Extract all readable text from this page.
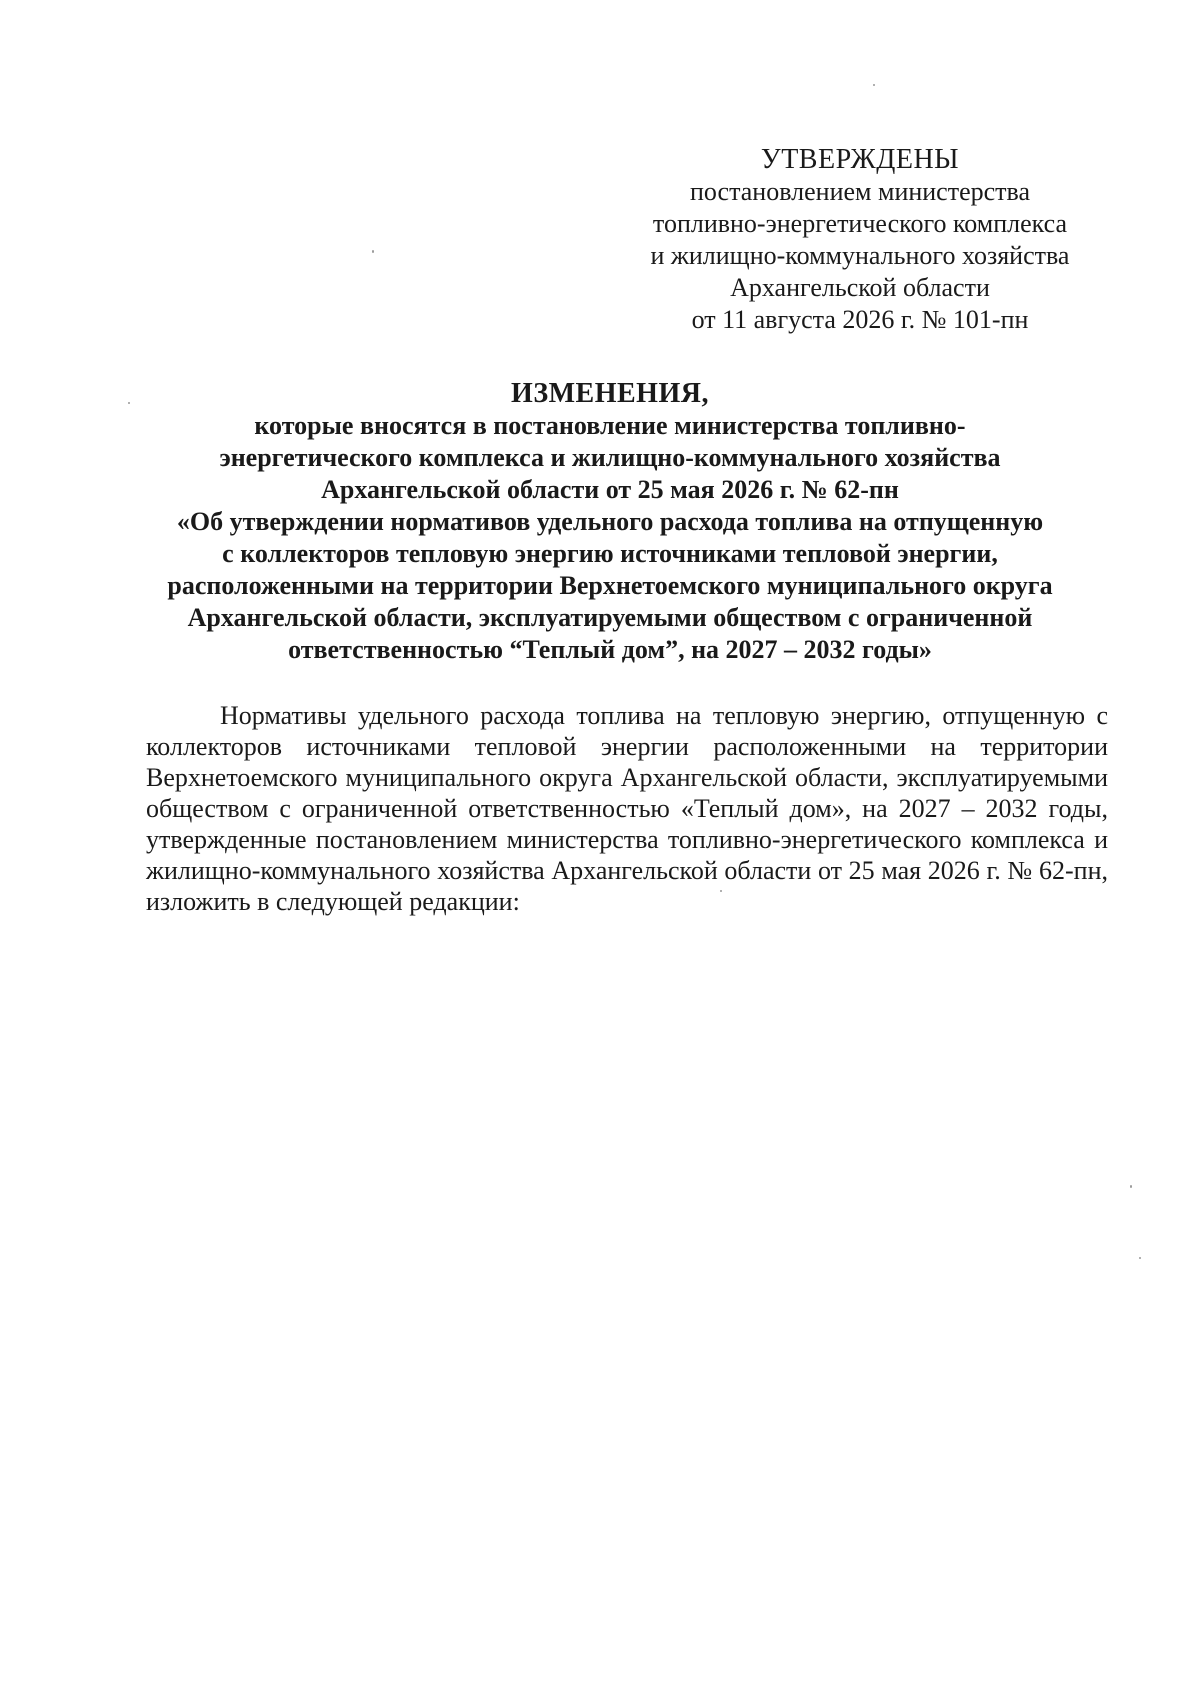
УТВЕРЖДЕНЫ
постановлением министерства
топливно-энергетического комплекса
и жилищно-коммунального хозяйства
Архангельской области
от 11 августа 2026 г. № 101-пн
ИЗМЕНЕНИЯ,
которые вносятся в постановление министерства топливно-
энергетического комплекса и жилищно-коммунального хозяйства
Архангельской области от 25 мая 2026 г. № 62-пн
«Об утверждении нормативов удельного расхода топлива на отпущенную
с коллекторов тепловую энергию источниками тепловой энергии,
расположенными на территории Верхнетоемского муниципального округа
Архангельской области, эксплуатируемыми обществом с ограниченной
ответственностью “Теплый дом”, на 2027 – 2032 годы»

Нормативы удельного расхода топлива на тепловую энергию, отпущенную с коллекторов источниками тепловой энергии расположенными на территории Верхнетоемского муниципального округа Архангельской области, эксплуатируемыми обществом с ограниченной ответственностью «Теплый дом», на 2027 – 2032 годы, утвержденные постановлением министерства топливно-энергетического комплекса и жилищно-коммунального хозяйства Архангельской области от 25 мая 2026 г. № 62-пн, изложить в следующей редакции:
